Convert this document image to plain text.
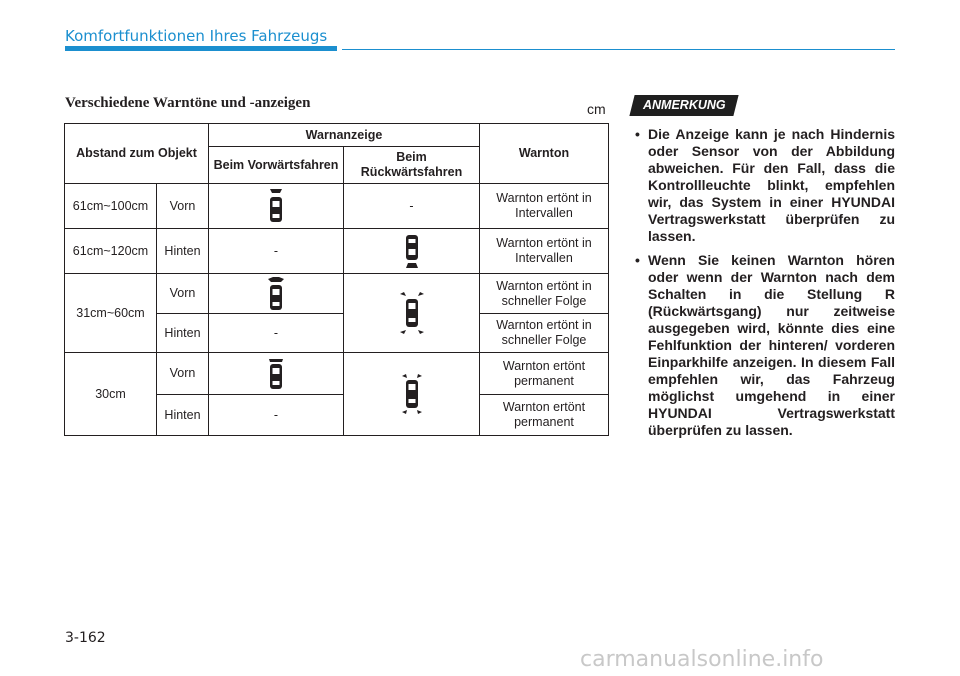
Komfortfunktionen Ihres Fahrzeugs
Verschiedene Warntöne und -anzeigen	cm
Abstand zum Objekt		Warnanzeige		Warnton
		Beim Vorwärtsfahren	Beim Rückwärtsfahren	
61cm~100cm	Vorn		-	Warnton ertönt in Intervallen
61cm~120cm	Hinten	-		Warnton ertönt in Intervallen
31cm~60cm	Vorn			Warnton ertönt in schneller Folge
	Hinten	-		Warnton ertönt in schneller Folge
30cm	Vorn			Warnton ertönt permanent
	Hinten	-		Warnton ertönt permanent
ANMERKUNG
• Die Anzeige kann je nach Hindernis oder Sensor von der Abbildung abweichen. Für den Fall, dass die Kontrollleuchte blinkt, empfehlen wir, das System in einer HYUNDAI Vertragswerkstatt überprüfen zu lassen.
• Wenn Sie keinen Warnton hören oder wenn der Warnton nach dem Schalten in die Stellung R (Rückwärtsgang) nur zeitweise ausgegeben wird, könnte dies eine Fehlfunktion der hinteren/ vorderen Einparkhilfe anzeigen. In diesem Fall empfehlen wir, das Fahrzeug möglichst umgehend in einer HYUNDAI Vertragswerkstatt überprüfen zu lassen.
3-162
carmanualsonline.info
